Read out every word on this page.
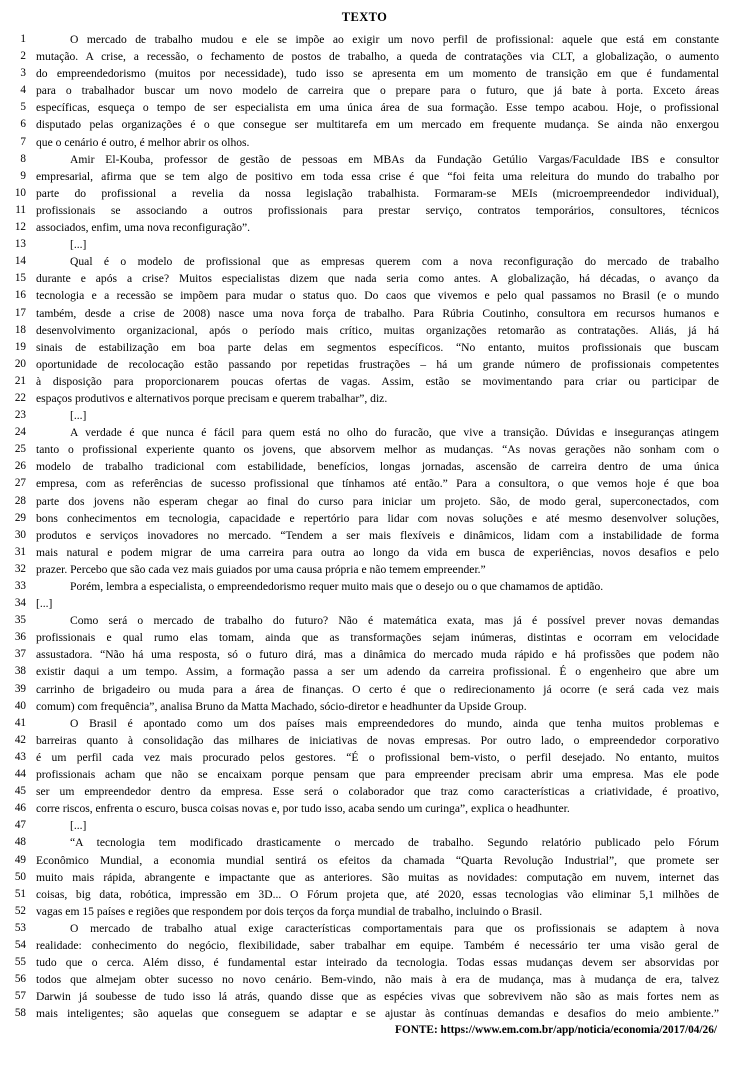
TEXTO
1	O mercado de trabalho mudou e ele se impõe ao exigir um novo perfil de profissional: aquele que está em constante
2 mutação. A crise, a recessão, o fechamento de postos de trabalho, a queda de contratações via CLT, a globalização, o aumento
3 do empreendedorismo (muitos por necessidade), tudo isso se apresenta em um momento de transição em que é fundamental
4 para o trabalhador buscar um novo modelo de carreira que o prepare para o futuro, que já bate à porta. Exceto áreas
5 específicas, esqueça o tempo de ser especialista em uma única área de sua formação. Esse tempo acabou. Hoje, o profissional
6 disputado pelas organizações é o que consegue ser multitarefa em um mercado em frequente mudança. Se ainda não enxergou
7 que o cenário é outro, é melhor abrir os olhos.
8	Amir El-Kouba, professor de gestão de pessoas em MBAs da Fundação Getúlio Vargas/Faculdade IBS e consultor
9 empresarial, afirma que se tem algo de positivo em toda essa crise é que “foi feita uma releitura do mundo do trabalho por
10 parte do profissional a revelia da nossa legislação trabalhista. Formaram-se MEIs (microempreendedor individual),
11 profissionais se associando a outros profissionais para prestar serviço, contratos temporários, consultores, técnicos
12 associados, enfim, uma nova reconfiguração”.
13	[...]
14	Qual é o modelo de profissional que as empresas querem com a nova reconfiguração do mercado de trabalho
15 durante e após a crise? Muitos especialistas dizem que nada seria como antes. A globalização, há décadas, o avanço da
16 tecnologia e a recessão se impõem para mudar o status quo. Do caos que vivemos e pelo qual passamos no Brasil (e o mundo
17 também, desde a crise de 2008) nasce uma nova força de trabalho. Para Rúbria Coutinho, consultora em recursos humanos e
18 desenvolvimento organizacional, após o período mais crítico, muitas organizações retomarão as contratações. Aliás, já há
19 sinais de estabilização em boa parte delas em segmentos específicos. “No entanto, muitos profissionais que buscam
20 oportunidade de recolocação estão passando por repetidas frustrações – há um grande número de profissionais competentes
21 à disposição para proporcionarem poucas ofertas de vagas. Assim, estão se movimentando para criar ou participar de
22 espaços produtivos e alternativos porque precisam e querem trabalhar”, diz.
23	[...]
24	A verdade é que nunca é fácil para quem está no olho do furacão, que vive a transição. Dúvidas e inseguranças atingem
25 tanto o profissional experiente quanto os jovens, que absorvem melhor as mudanças. “As novas gerações não sonham com o
26 modelo de trabalho tradicional com estabilidade, benefícios, longas jornadas, ascensão de carreira dentro de uma única
27 empresa, com as referências de sucesso profissional que tínhamos até então.” Para a consultora, o que vemos hoje é que boa
28 parte dos jovens não esperam chegar ao final do curso para iniciar um projeto. São, de modo geral, superconectados, com
29 bons conhecimentos em tecnologia, capacidade e repertório para lidar com novas soluções e até mesmo desenvolver soluções,
30 produtos e serviços inovadores no mercado. “Tendem a ser mais flexíveis e dinâmicos, lidam com a instabilidade de forma
31 mais natural e podem migrar de uma carreira para outra ao longo da vida em busca de experiências, novos desafios e pelo
32 prazer. Percebo que são cada vez mais guiados por uma causa própria e não temem empreender.”
33	Porém, lembra a especialista, o empreendedorismo requer muito mais que o desejo ou o que chamamos de aptidão.
34 [...]
35	Como será o mercado de trabalho do futuro? Não é matemática exata, mas já é possível prever novas demandas
36 profissionais e qual rumo elas tomam, ainda que as transformações sejam inúmeras, distintas e ocorram em velocidade
37 assustadora. “Não há uma resposta, só o futuro dirá, mas a dinâmica do mercado muda rápido e há profissões que podem não
38 existir daqui a um tempo. Assim, a formação passa a ser um adendo da carreira profissional. É o engenheiro que abre um
39 carrinho de brigadeiro ou muda para a área de finanças. O certo é que o redirecionamento já ocorre (e será cada vez mais
40 comum) com frequência”, analisa Bruno da Matta Machado, sócio-diretor e headhunter da Upside Group.
41	O Brasil é apontado como um dos países mais empreendedores do mundo, ainda que tenha muitos problemas e
42 barreiras quanto à consolidação das milhares de iniciativas de novas empresas. Por outro lado, o empreendedor corporativo
43 é um perfil cada vez mais procurado pelos gestores. “É o profissional bem-visto, o perfil desejado. No entanto, muitos
44 profissionais acham que não se encaixam porque pensam que para empreender precisam abrir uma empresa. Mas ele pode
45 ser um empreendedor dentro da empresa. Esse será o colaborador que traz como características a criatividade, é proativo,
46 corre riscos, enfrenta o escuro, busca coisas novas e, por tudo isso, acaba sendo um curinga”, explica o headhunter.
47	[...]
48	“A tecnologia tem modificado drasticamente o mercado de trabalho. Segundo relatório publicado pelo Fórum
49 Econômico Mundial, a economia mundial sentirá os efeitos da chamada “Quarta Revolução Industrial”, que promete ser
50 muito mais rápida, abrangente e impactante que as anteriores. São muitas as novidades: computação em nuvem, internet das
51 coisas, big data, robótica, impressão em 3D... O Fórum projeta que, até 2020, essas tecnologias vão eliminar 5,1 milhões de
52 vagas em 15 países e regiões que respondem por dois terços da força mundial de trabalho, incluindo o Brasil.
53	O mercado de trabalho atual exige características comportamentais para que os profissionais se adaptem à nova
54 realidade: conhecimento do negócio, flexibilidade, saber trabalhar em equipe. Também é necessário ter uma visão geral de
55 tudo que o cerca. Além disso, é fundamental estar inteirado da tecnologia. Todas essas mudanças devem ser absorvidas por
56 todos que almejam obter sucesso no novo cenário. Bem-vindo, não mais à era de mudança, mas à mudança de era, talvez
57 Darwin já soubesse de tudo isso lá atrás, quando disse que as espécies vivas que sobrevivem não são as mais fortes nem as
58 mais inteligentes; são aquelas que conseguem se adaptar e se ajustar às contínuas demandas e desafios do meio ambiente.”
FONTE: https://www.em.com.br/app/noticia/economia/2017/04/26/
